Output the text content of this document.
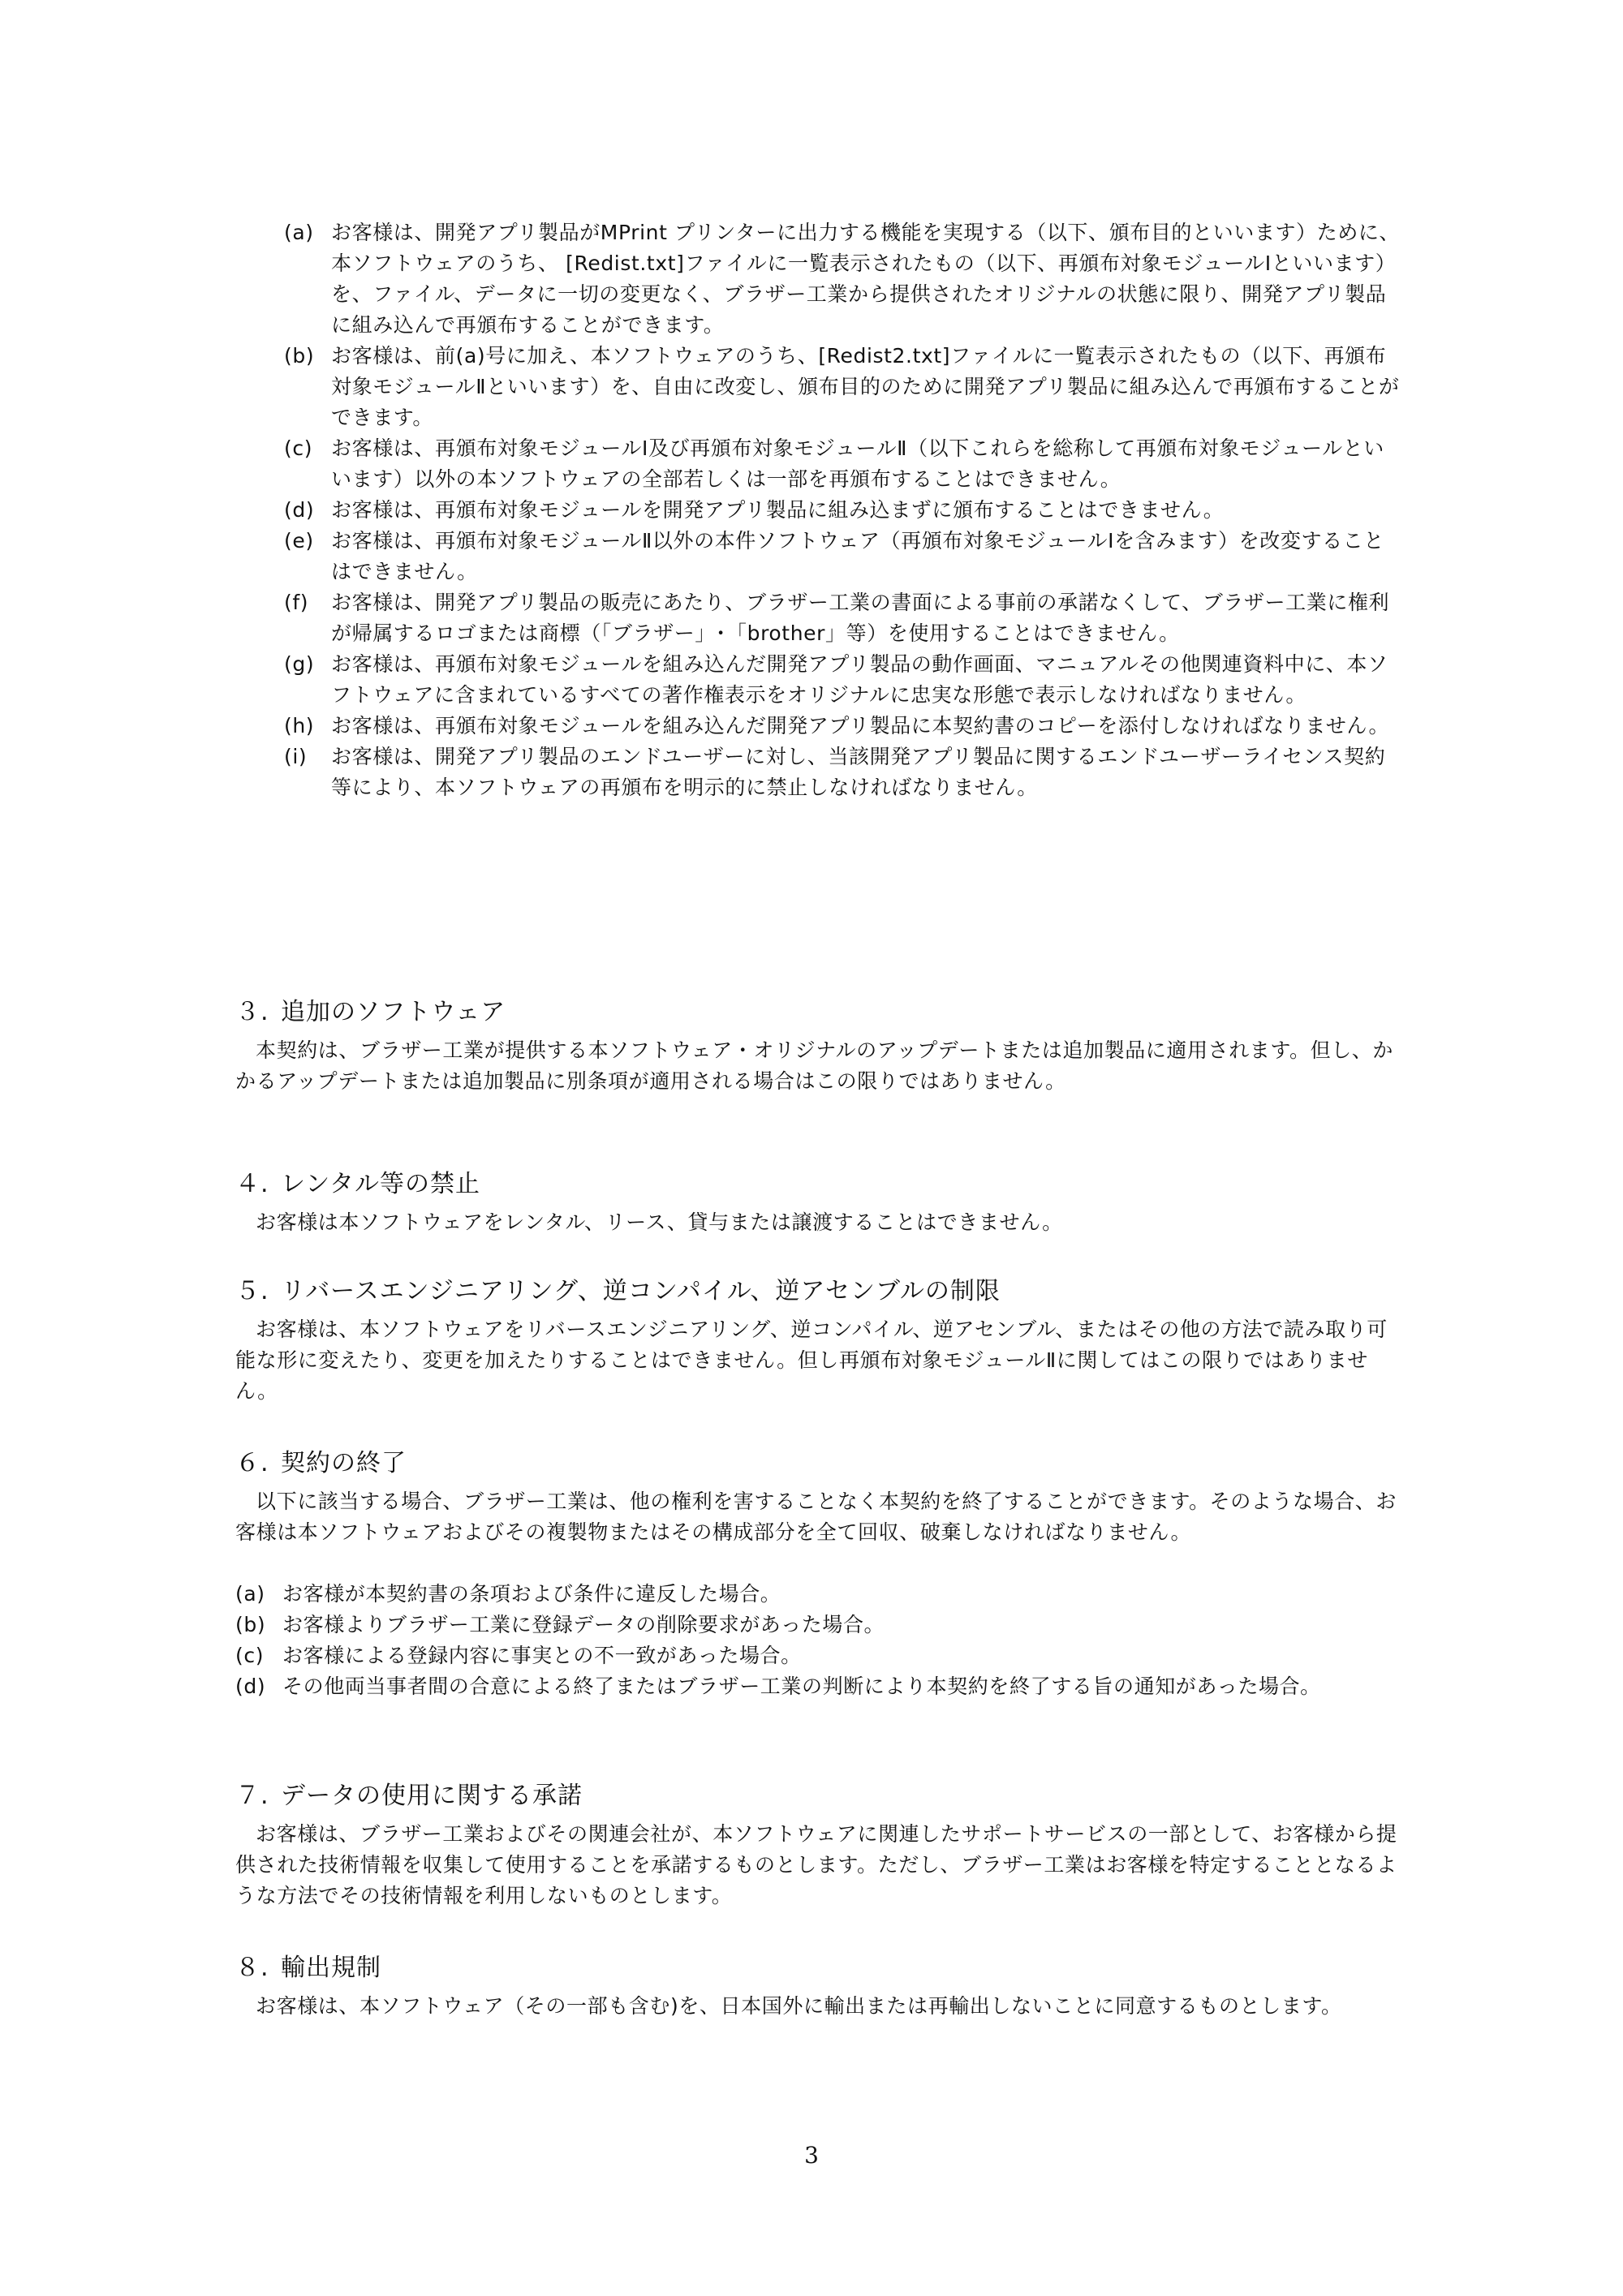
(a) お客様は、開発アプリ製品がMPrint プリンターに出力する機能を実現する（以下、頒布目的といいます）ために、本ソフトウェアのうち、 [Redist.txt]ファイルに一覧表示されたもの（以下、再頒布対象モジュールⅠといいます）を、ファイル、データに一切の変更なく、ブラザー工業から提供されたオリジナルの状態に限り、開発アプリ製品に組み込んで再頒布することができます。
(b) お客様は、前(a)号に加え、本ソフトウェアのうち、[Redist2.txt]ファイルに一覧表示されたもの（以下、再頒布対象モジュールⅡといいます）を、自由に改変し、頒布目的のために開発アプリ製品に組み込んで再頒布することができます。
(c) お客様は、再頒布対象モジュールⅠ及び再頒布対象モジュールⅡ（以下これらを総称して再頒布対象モジュールといいます）以外の本ソフトウェアの全部若しくは一部を再頒布することはできません。
(d) お客様は、再頒布対象モジュールを開発アプリ製品に組み込まずに頒布することはできません。
(e) お客様は、再頒布対象モジュールⅡ以外の本件ソフトウェア（再頒布対象モジュールⅠを含みます）を改変することはできません。
(f)	お客様は、開発アプリ製品の販売にあたり、ブラザー工業の書面による事前の承諾なくして、ブラザー工業に権利が帰属するロゴまたは商標（「ブラザー」･「brother」等）を使用することはできません。
(g) お客様は、再頒布対象モジュールを組み込んだ開発アプリ製品の動作画面、マニュアルその他関連資料中に、本ソフトウェアに含まれているすべての著作権表示をオリジナルに忠実な形態で表示しなければなりません。
(h) お客様は、再頒布対象モジュールを組み込んだ開発アプリ製品に本契約書のコピーを添付しなければなりません。
(i)	お客様は、開発アプリ製品のエンドユーザーに対し、当該開発アプリ製品に関するエンドユーザーライセンス契約等により、本ソフトウェアの再頒布を明示的に禁止しなければなりません。
３. 追加のソフトウェア
本契約は、ブラザー工業が提供する本ソフトウェア・オリジナルのアップデートまたは追加製品に適用されます。但し、かかるアップデートまたは追加製品に別条項が適用される場合はこの限りではありません。
４. レンタル等の禁止
お客様は本ソフトウェアをレンタル、リース、貸与または譲渡することはできません。
５. リバースエンジニアリング、逆コンパイル、逆アセンブルの制限
お客様は、本ソフトウェアをリバースエンジニアリング、逆コンパイル、逆アセンブル、またはその他の方法で読み取り可能な形に変えたり、変更を加えたりすることはできません。但し再頒布対象モジュールⅡに関してはこの限りではありません。
６. 契約の終了
以下に該当する場合、ブラザー工業は、他の権利を害することなく本契約を終了することができます。そのような場合、お客様は本ソフトウェアおよびその複製物またはその構成部分を全て回収、破棄しなければなりません。
(a) お客様が本契約書の条項および条件に違反した場合。
(b) お客様よりブラザー工業に登録データの削除要求があった場合。
(c) お客様による登録内容に事実との不一致があった場合。
(d) その他両当事者間の合意による終了またはブラザー工業の判断により本契約を終了する旨の通知があった場合。
７. データの使用に関する承諾
お客様は、ブラザー工業およびその関連会社が、本ソフトウェアに関連したサポートサービスの一部として、お客様から提供された技術情報を収集して使用することを承諾するものとします。ただし、ブラザー工業はお客様を特定することとなるような方法でその技術情報を利用しないものとします。
８. 輸出規制
お客様は、本ソフトウェア（その一部も含む)を、日本国外に輸出または再輸出しないことに同意するものとします。
3
